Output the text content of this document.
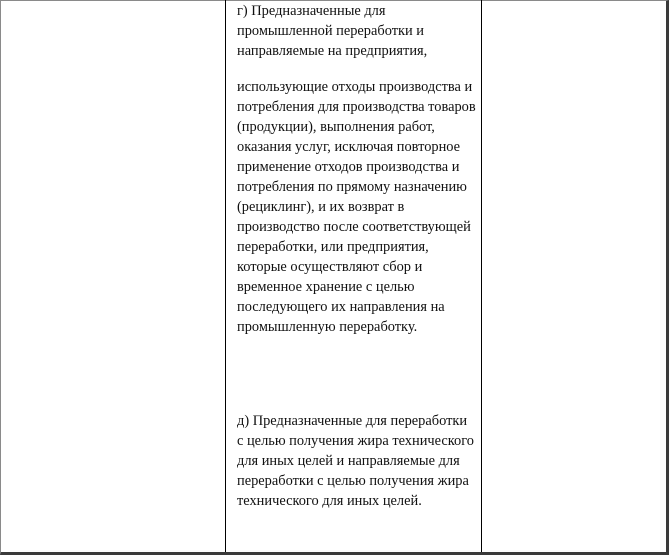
г) Предназначенные для промышленной переработки и направляемые на предприятия,

использующие отходы производства и потребления для производства товаров (продукции), выполнения работ, оказания услуг, исключая повторное применение отходов производства и потребления по прямому назначению (рециклинг), и их возврат в производство после соответствующей переработки, или предприятия, которые осуществляют сбор и временное хранение с целью последующего их направления на промышленную переработку.

д) Предназначенные для переработки с целью получения жира технического для иных целей и направляемые для переработки с целью получения жира технического для иных целей.
